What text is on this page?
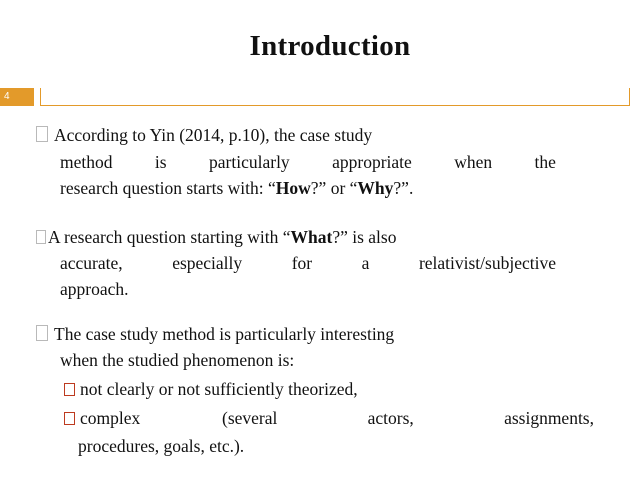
Introduction
4
According to Yin (2014, p.10), the case study
method is particularly appropriate when the
research question starts with: “How?” or “Why?”.
A research question starting with “What?” is also
accurate,	especially	for	a	relativist/subjective
approach.
The case study method is particularly interesting
when the studied phenomenon is:
not clearly or not sufficiently theorized,
complex	(several	actors,	assignments,
procedures, goals, etc.).
